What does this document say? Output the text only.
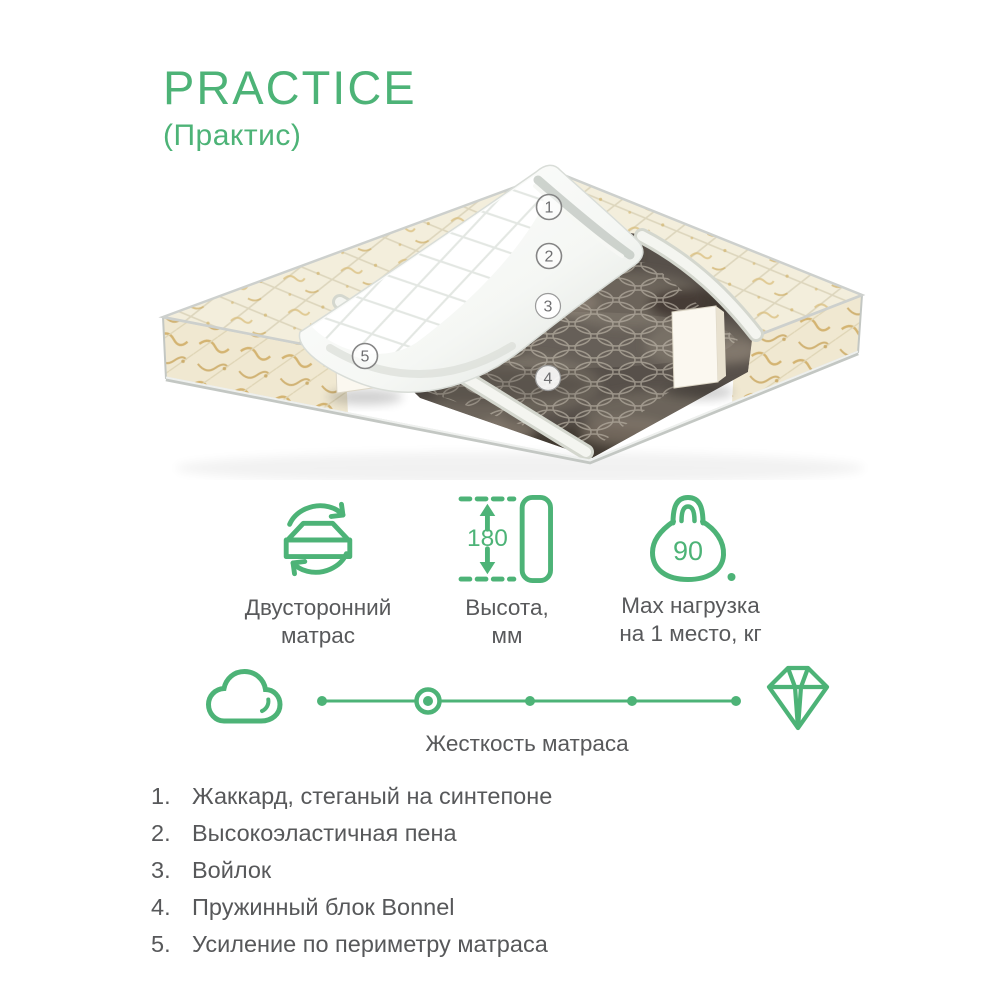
PRACTICE
(Практис)
1
2
3
4
5
Двусторонний
матрас
180
Высота,
мм
90
Max нагрузка
на 1 место, кг
Жесткость матраса
1. Жаккард, стеганый на синтепоне
2. Высокоэластичная пена
3. Войлок
4. Пружинный блок Bonnel
5. Усиление по периметру матраса
